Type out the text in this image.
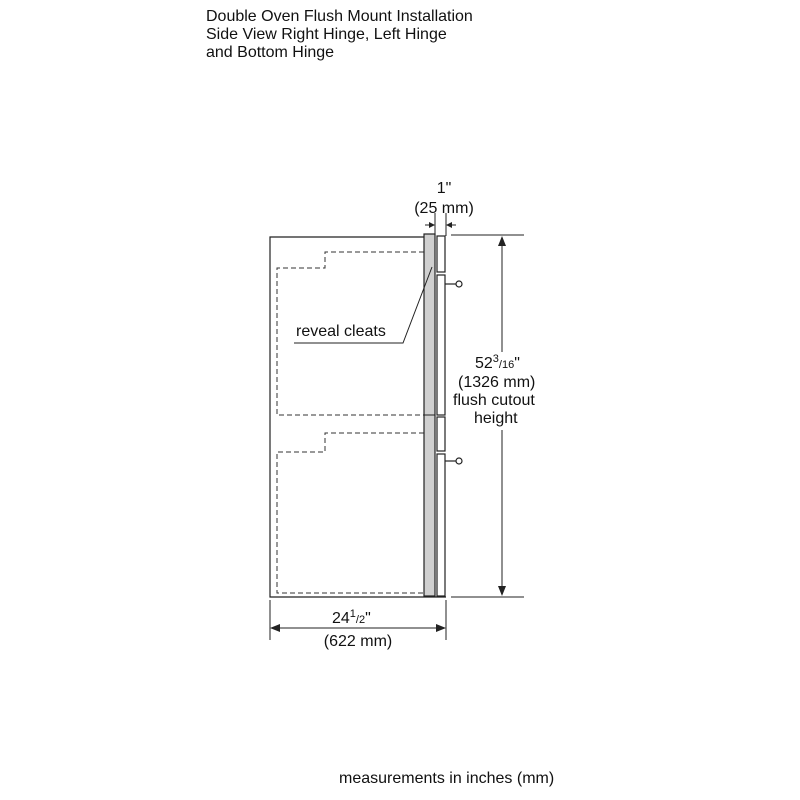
Double Oven Flush Mount Installation
Side View Right Hinge, Left Hinge
and Bottom Hinge
reveal cleats
1"
(25 mm)
$52^3_/16$"
(1326 mm)
flush cutout
height
$24^1_/2$"
(622 mm)
measurements in inches (mm)
